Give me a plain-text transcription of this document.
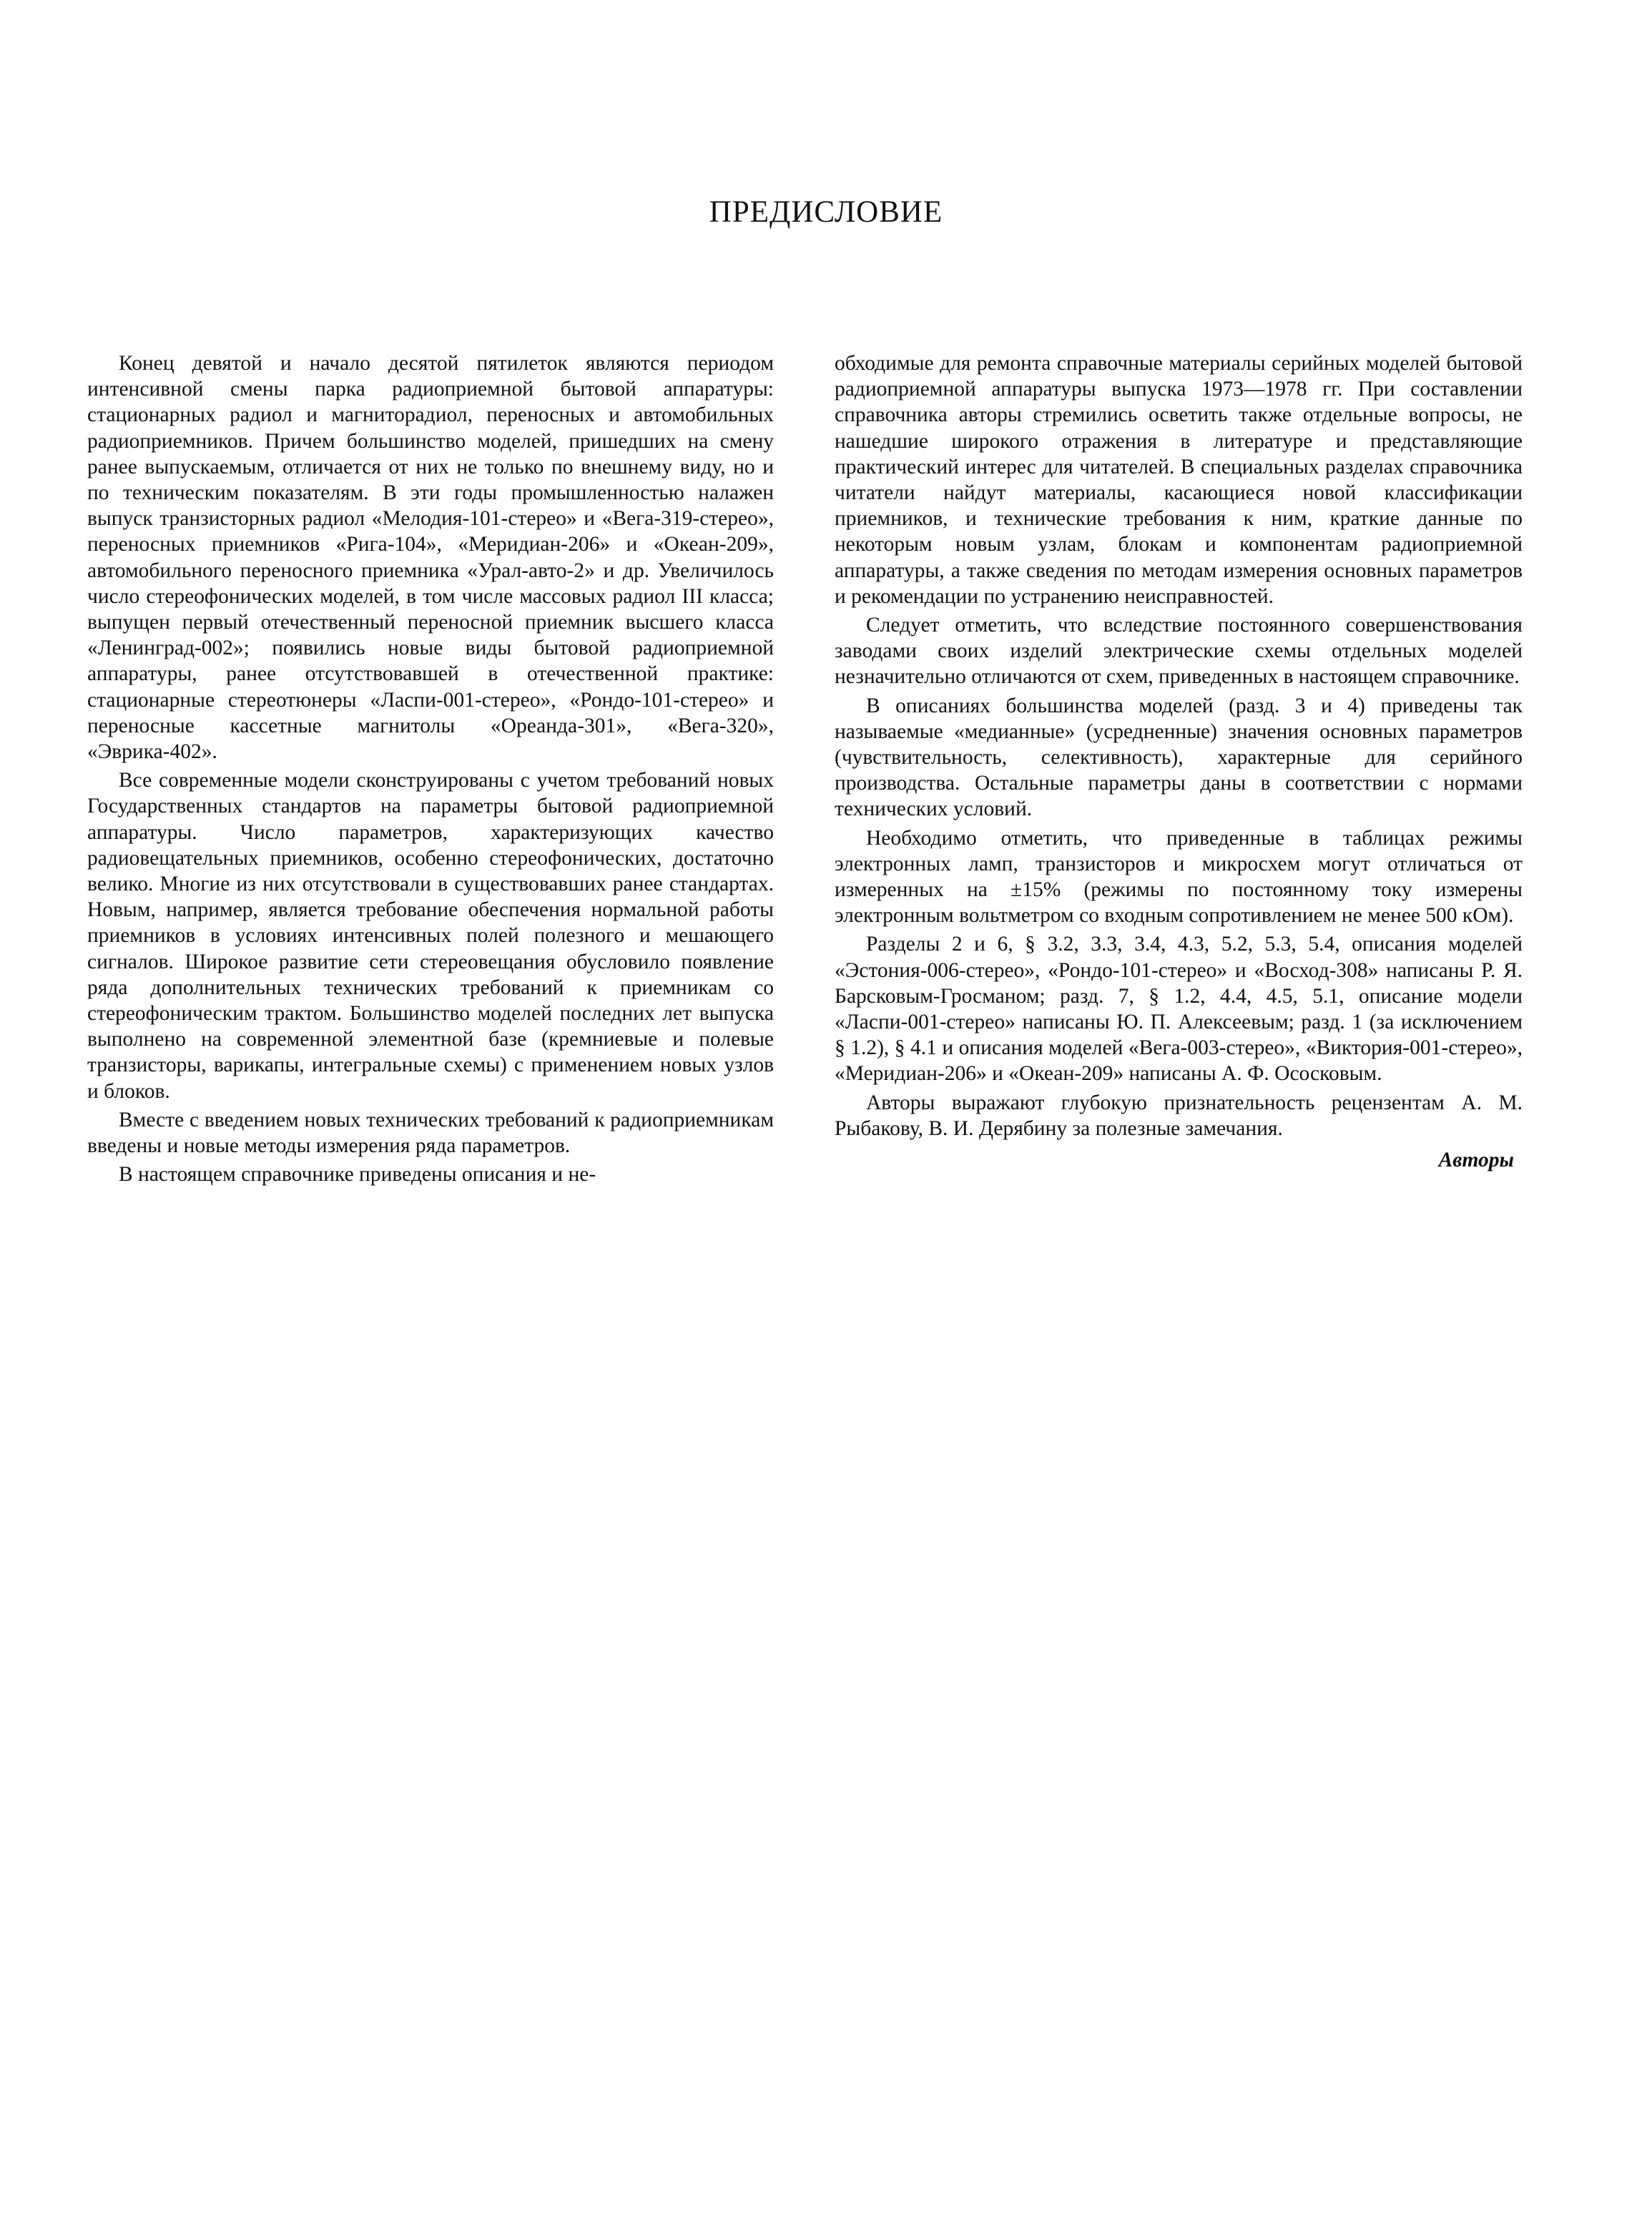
ПРЕДИСЛОВИЕ

Конец девятой и начало десятой пятилеток являются периодом интенсивной смены парка радиоприемной бытовой аппаратуры: стационарных радиол и магниторадиол, переносных и автомобильных радиоприемников. Причем большинство моделей, пришедших на смену ранее выпускаемым, отличается от них не только по внешнему виду, но и по техническим показателям. В эти годы промышленностью налажен выпуск транзисторных радиол «Мелодия-101-стерео» и «Вега-319-стерео», переносных приемников «Рига-104», «Меридиан-206» и «Океан-209», автомобильного переносного приемника «Урал-авто-2» и др. Увеличилось число стереофонических моделей, в том числе массовых радиол III класса; выпущен первый отечественный переносной приемник высшего класса «Ленинград-002»; появились новые виды бытовой радиоприемной аппаратуры, ранее отсутствовавшей в отечественной практике: стационарные стереотюнеры «Ласпи-001-стерео», «Рондо-101-стерео» и переносные кассетные магнитолы «Ореанда-301», «Вега-320», «Эврика-402».

Все современные модели сконструированы с учетом требований новых Государственных стандартов на параметры бытовой радиоприемной аппаратуры. Число параметров, характеризующих качество радиовещательных приемников, особенно стереофонических, достаточно велико. Многие из них отсутствовали в существовавших ранее стандартах. Новым, например, является требование обеспечения нормальной работы приемников в условиях интенсивных полей полезного и мешающего сигналов. Широкое развитие сети стереовещания обусловило появление ряда дополнительных технических требований к приемникам со стереофоническим трактом. Большинство моделей последних лет выпуска выполнено на современной элементной базе (кремниевые и полевые транзисторы, варикапы, интегральные схемы) с применением новых узлов и блоков.

Вместе с введением новых технических требований к радиоприемникам введены и новые методы измерения ряда параметров.

В настоящем справочнике приведены описания и не-

обходимые для ремонта справочные материалы серийных моделей бытовой радиоприемной аппаратуры выпуска 1973—1978 гг. При составлении справочника авторы стремились осветить также отдельные вопросы, не нашедшие широкого отражения в литературе и представляющие практический интерес для читателей. В специальных разделах справочника читатели найдут материалы, касающиеся новой классификации приемников, и технические требования к ним, краткие данные по некоторым новым узлам, блокам и компонентам радиоприемной аппаратуры, а также сведения по методам измерения основных параметров и рекомендации по устранению неисправностей.

Следует отметить, что вследствие постоянного совершенствования заводами своих изделий электрические схемы отдельных моделей незначительно отличаются от схем, приведенных в настоящем справочнике.

В описаниях большинства моделей (разд. 3 и 4) приведены так называемые «медианные» (усредненные) значения основных параметров (чувствительность, селективность), характерные для серийного производства. Остальные параметры даны в соответствии с нормами технических условий.

Необходимо отметить, что приведенные в таблицах режимы электронных ламп, транзисторов и микросхем могут отличаться от измеренных на ±15% (режимы по постоянному току измерены электронным вольтметром со входным сопротивлением не менее 500 кОм).

Разделы 2 и 6, § 3.2, 3.3, 3.4, 4.3, 5.2, 5.3, 5.4, описания моделей «Эстония-006-стерео», «Рондо-101-стерео» и «Восход-308» написаны Р. Я. Барсковым-Гросманом; разд. 7, § 1.2, 4.4, 4.5, 5.1, описание модели «Ласпи-001-стерео» написаны Ю. П. Алексеевым; разд. 1 (за исключением § 1.2), § 4.1 и описания моделей «Вега-003-стерео», «Виктория-001-стерео», «Меридиан-206» и «Океан-209» написаны А. Ф. Ососковым.

Авторы выражают глубокую признательность рецензентам А. М. Рыбакову, В. И. Дерябину за полезные замечания.

Авторы
